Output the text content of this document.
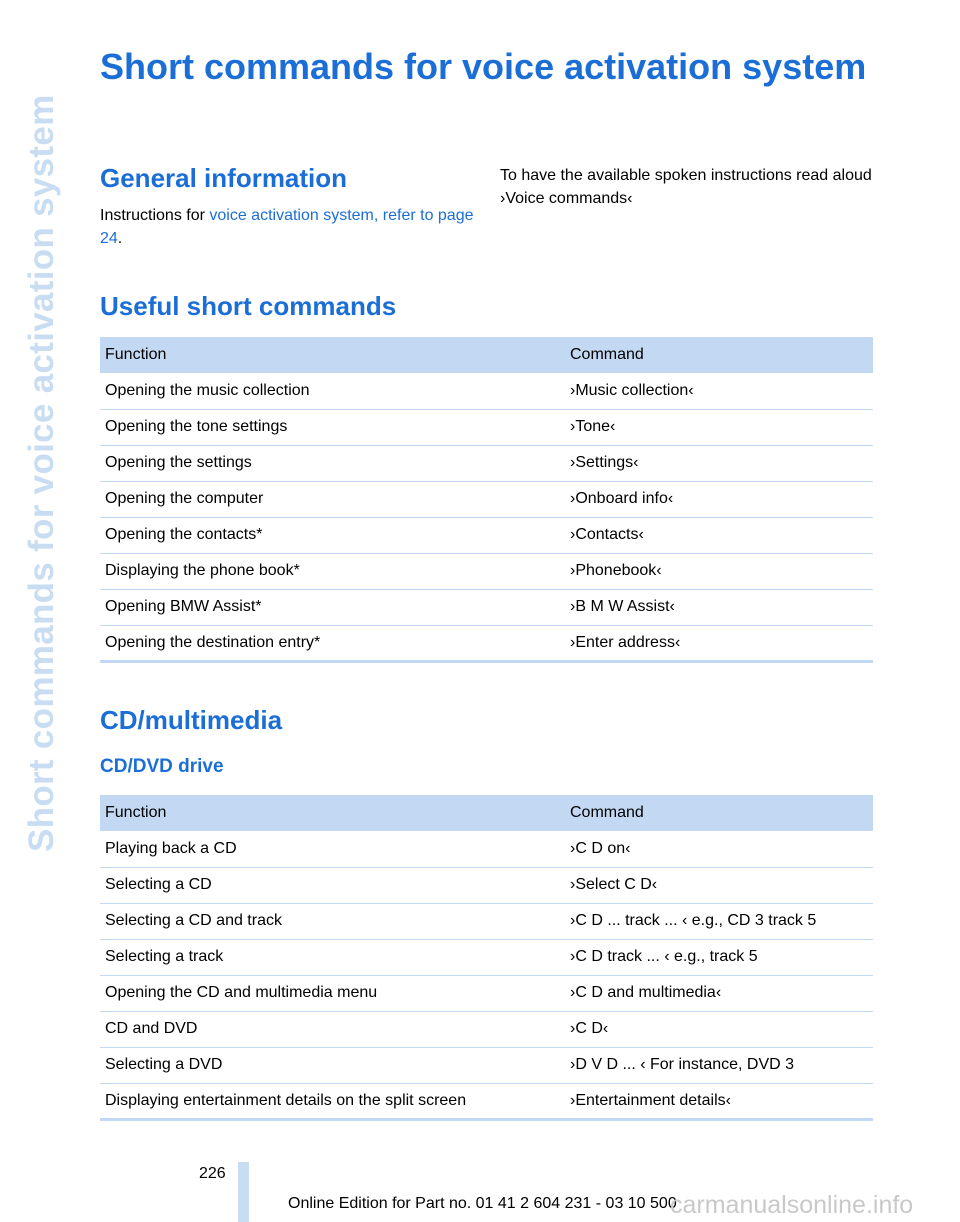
Short commands for voice activation system
Short commands for voice activation system
General information

Instructions for voice activation system, refer to page 24.

To have the available spoken instructions read aloud ›Voice commands‹

Useful short commands
Function	Command
Opening the music collection	›Music collection‹
Opening the tone settings	›Tone‹
Opening the settings	›Settings‹
Opening the computer	›Onboard info‹
Opening the contacts*	›Contacts‹
Displaying the phone book*	›Phonebook‹
Opening BMW Assist*	›B M W Assist‹
Opening the destination entry*	›Enter address‹
CD/multimedia
CD/DVD drive
Function	Command
Playing back a CD	›C D on‹
Selecting a CD	›Select C D‹
Selecting a CD and track	›C D ... track ... ‹ e.g., CD 3 track 5
Selecting a track	›C D track ... ‹ e.g., track 5
Opening the CD and multimedia menu	›C D and multimedia‹
CD and DVD	›C D‹
Selecting a DVD	›D V D ... ‹ For instance, DVD 3
Displaying entertainment details on the split screen	›Entertainment details‹
226
Online Edition for Part no. 01 41 2 604 231 - 03 10 500
carmanualsonline.info
